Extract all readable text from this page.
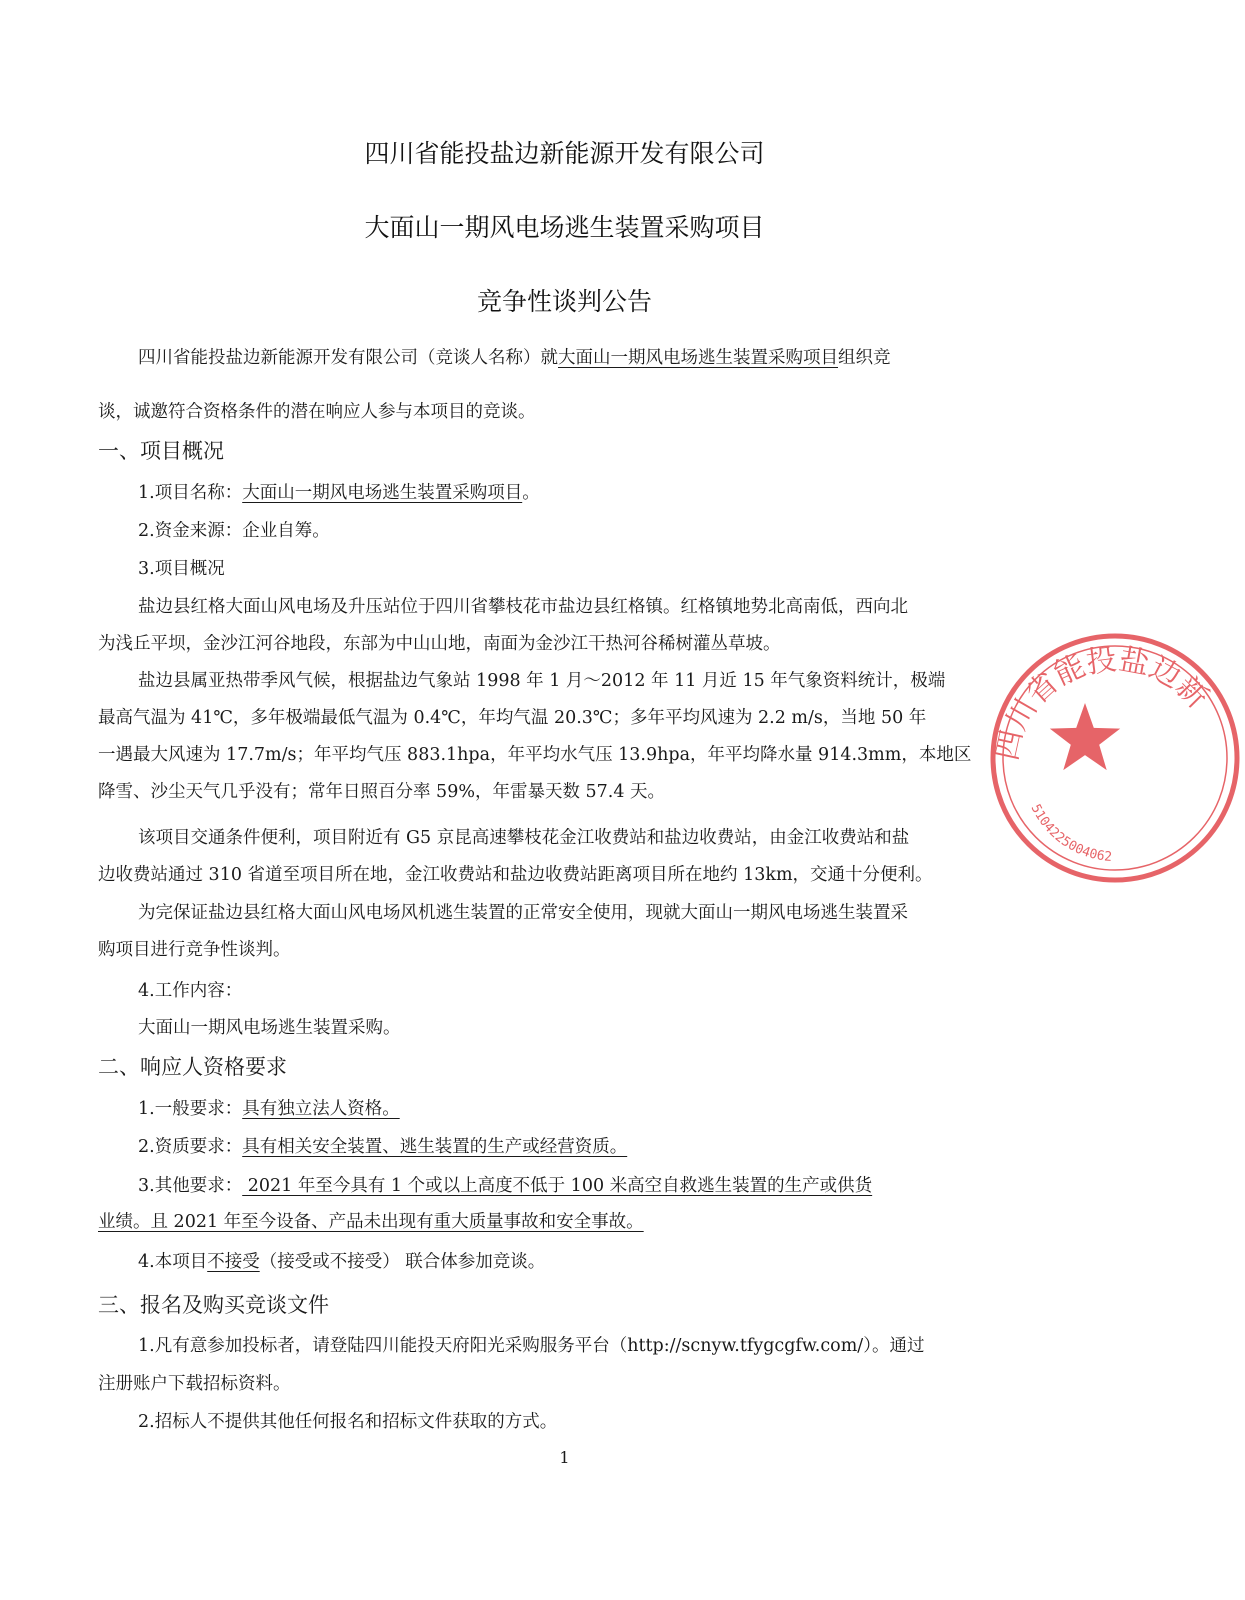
四川省能投盐边新能源开发有限公司
大面山一期风电场逃生装置采购项目
竞争性谈判公告
四川省能投盐边新能源开发有限公司（竞谈人名称）就大面山一期风电场逃生装置采购项目组织竞
谈，诚邀符合资格条件的潜在响应人参与本项目的竞谈。
一、项目概况
1.项目名称：大面山一期风电场逃生装置采购项目。
2.资金来源：企业自筹。
3.项目概况
盐边县红格大面山风电场及升压站位于四川省攀枝花市盐边县红格镇。红格镇地势北高南低，西向北
为浅丘平坝，金沙江河谷地段，东部为中山山地，南面为金沙江干热河谷稀树灌丛草坡。
盐边县属亚热带季风气候，根据盐边气象站 1998 年 1 月～2012 年 11 月近 15 年气象资料统计，极端
最高气温为 41℃，多年极端最低气温为 0.4℃，年均气温 20.3℃；多年平均风速为 2.2 m/s，当地 50 年
一遇最大风速为 17.7m/s；年平均气压 883.1hpa，年平均水气压 13.9hpa，年平均降水量 914.3mm，本地区
降雪、沙尘天气几乎没有；常年日照百分率 59%，年雷暴天数 57.4 天。
该项目交通条件便利，项目附近有 G5 京昆高速攀枝花金江收费站和盐边收费站，由金江收费站和盐
边收费站通过 310 省道至项目所在地，金江收费站和盐边收费站距离项目所在地约 13km，交通十分便利。
为完保证盐边县红格大面山风电场风机逃生装置的正常安全使用，现就大面山一期风电场逃生装置采
购项目进行竞争性谈判。
4.工作内容：
大面山一期风电场逃生装置采购。
二、响应人资格要求
1.一般要求：具有独立法人资格。
2.资质要求：具有相关安全装置、逃生装置的生产或经营资质。
3.其他要求： 2021 年至今具有 1 个或以上高度不低于 100 米高空自救逃生装置的生产或供货
业绩。且 2021 年至今设备、产品未出现有重大质量事故和安全事故。
4.本项目不接受（接受或不接受） 联合体参加竞谈。
三、报名及购买竞谈文件
1.凡有意参加投标者，请登陆四川能投天府阳光采购服务平台（http://scnyw.tfygcgfw.com/）。通过
注册账户下载招标资料。
2.招标人不提供其他任何报名和招标文件获取的方式。
1
四川省能投盐边新
5104225004062
